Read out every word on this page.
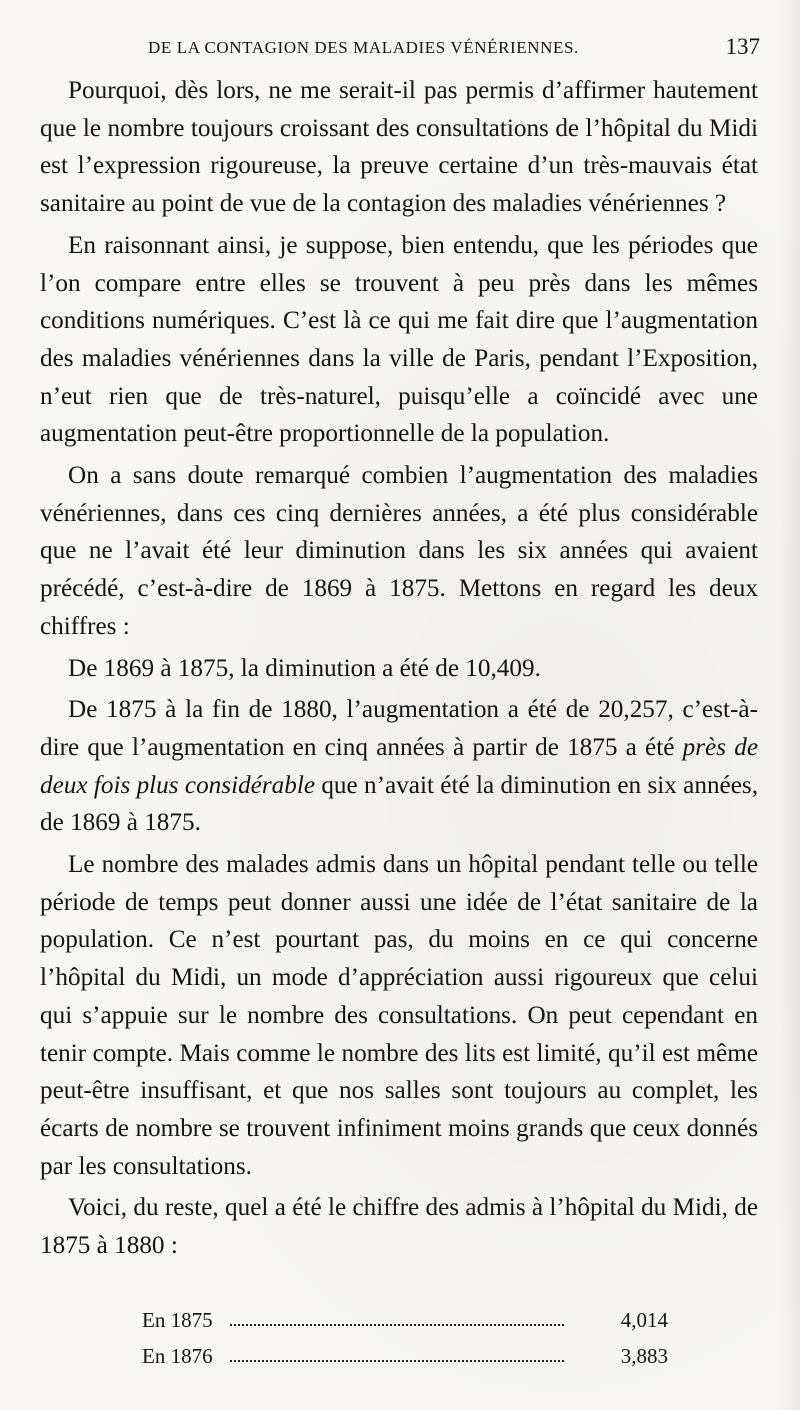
DE LA CONTAGION DES MALADIES VÉNÉRIENNES.	137

Pourquoi, dès lors, ne me serait-il pas permis d’affirmer hautement que le nombre toujours croissant des consultations de l’hôpital du Midi est l’expression rigoureuse, la preuve certaine d’un très-mauvais état sanitaire au point de vue de la contagion des maladies vénériennes ?

En raisonnant ainsi, je suppose, bien entendu, que les périodes que l’on compare entre elles se trouvent à peu près dans les mêmes conditions numériques. C’est là ce qui me fait dire que l’augmentation des maladies vénériennes dans la ville de Paris, pendant l’Exposition, n’eut rien que de très-naturel, puisqu’elle a coïncidé avec une augmentation peut-être proportionnelle de la population.

On a sans doute remarqué combien l’augmentation des maladies vénériennes, dans ces cinq dernières années, a été plus considérable que ne l’avait été leur diminution dans les six années qui avaient précédé, c’est-à-dire de 1869 à 1875. Mettons en regard les deux chiffres :

De 1869 à 1875, la diminution a été de 10,409.

De 1875 à la fin de 1880, l’augmentation a été de 20,257, c’est-à-dire que l’augmentation en cinq années à partir de 1875 a été près de deux fois plus considérable que n’avait été la diminution en six années, de 1869 à 1875.

Le nombre des malades admis dans un hôpital pendant telle ou telle période de temps peut donner aussi une idée de l’état sanitaire de la population. Ce n’est pourtant pas, du moins en ce qui concerne l’hôpital du Midi, un mode d’appréciation aussi rigoureux que celui qui s’appuie sur le nombre des consultations. On peut cependant en tenir compte. Mais comme le nombre des lits est limité, qu’il est même peut-être insuffisant, et que nos salles sont toujours au complet, les écarts de nombre se trouvent infiniment moins grands que ceux donnés par les consultations.

Voici, du reste, quel a été le chiffre des admis à l’hôpital du Midi, de 1875 à 1880 :

En 1875	4,014
En 1876	3,883
